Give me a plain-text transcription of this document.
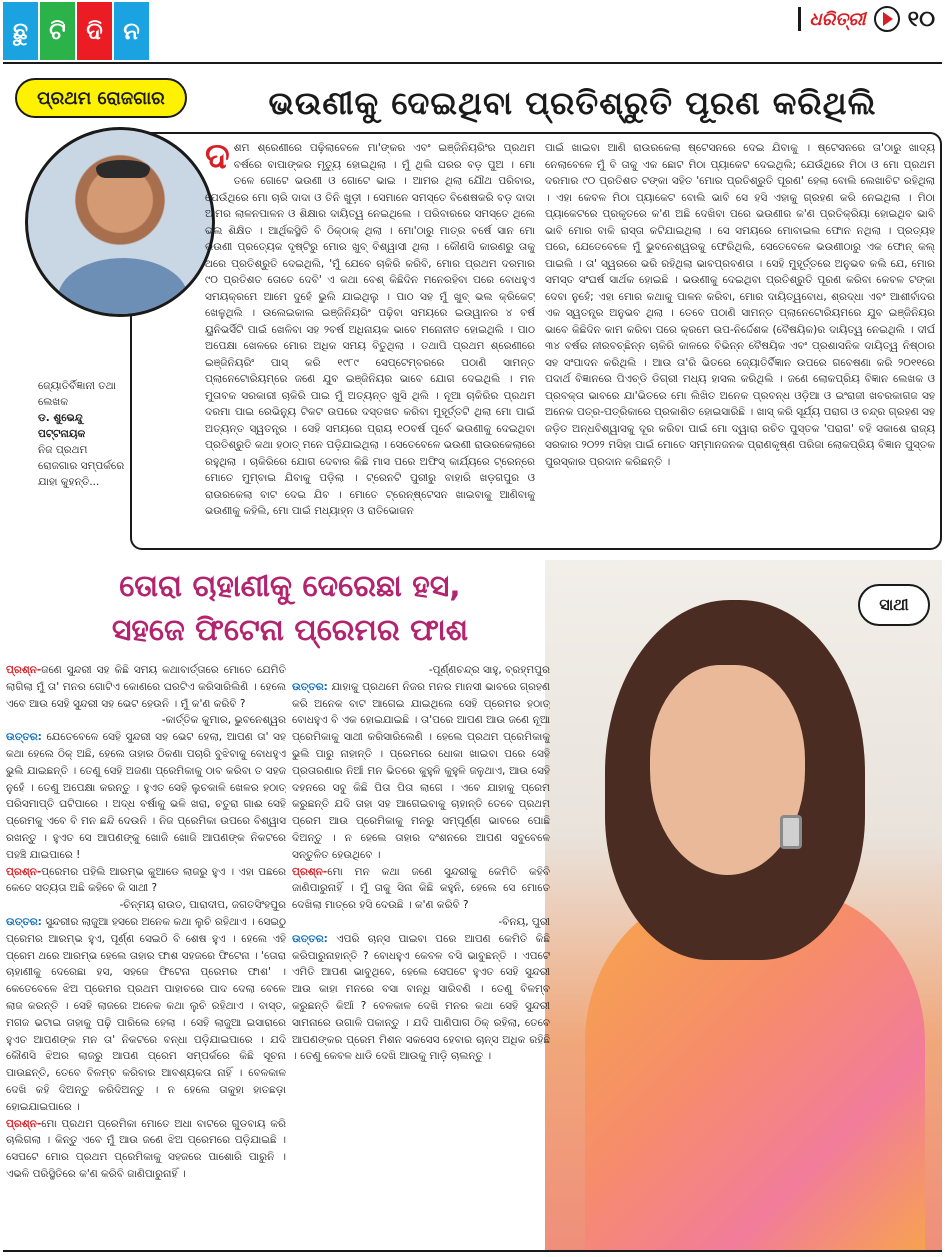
ଛୁ ଟି ଦି ନ	ଧରିତ୍ରୀ ୧୦
ପ୍ରଥମ ରୋଜଗାର	ଭଉଣୀକୁ ଦେଇଥିବା ପ୍ରତିଶ୍ରୁତି ପୂରଣ କରିଥିଲି
ଜ୍ୟୋତିର୍ବିଜ୍ଞାନୀ ତଥା ଲେଖକ
ଡ. ଶୁଭେନ୍ଦୁ ପଟ୍ଟନାୟକ
ନିଜ ପ୍ରଥମ ରୋଜଗାର ସମ୍ପର୍କରେ ଯାହା କୁହନ୍ତି...
ଦ ଶମ ଶ୍ରେଣୀରେ ପଢ଼ିଲାବେଳେ ମା'ଙ୍କର ଏବଂ ଇଞ୍ଜିନିୟରିଂର ପ୍ରଥମ ବର୍ଷରେ ବାପାଙ୍କର ମୃତ୍ୟୁ ହୋଇଥିଲା । ମୁଁ ଥିଲି ଘରର ବଡ଼ ପୁଅ । ମୋ ତଳେ ଗୋଟେ ଭଉଣୀ ଓ ଗୋଟେ ଭାଇ । ଆମର ଥିଲା ଯୌଥ ପରିବାର, ଯେଉଁଥିରେ ମୋ ଚାରି ଦାଦା ଓ ତିନି ଖୁଡ଼ୀ । ସେମାନେ ସମସ୍ତେ ବିଶେଷକରି ବଡ଼ ଦାଦା ଆମର ଲାଳନପାଳନ ଓ ଶିକ୍ଷାର ଦାୟିତ୍ୱ ନେଇଥିଲେ । ପରିବାରରେ ସମସ୍ତେ ଥିଲେ ଭଲ ଶିକ୍ଷିତ । ଆର୍ଥିକସ୍ଥିତି ବି ଠିକ୍‌ଠାକ୍ ଥିଲା । ମୋ'ଠାରୁ ମାତ୍ର ବର୍ଷେ ସାନ ମୋ ଭଉଣୀ ପ୍ରତ୍ୟେକ ଦୃଷ୍ଟିରୁ ମୋର ଖୁବ୍ ବିଶ୍ୱାସୀ ଥିଲା । କୌଣସି କାରଣରୁ ତାକୁ ଥରେ ପ୍ରତିଶ୍ରୁତି ଦେଇଥିଲି, 'ମୁଁ ଯେବେ ଚାକିରି କରିବି, ମୋର ପ୍ରଥମ ଦରମାର ୯୦ ପ୍ରତିଶତ ତୋତେ ଦେବି' ଏ କଥା ବେଶ୍ କିଛିଦିନ ମନେରହିବା ପରେ ବୋଧହୁଏ ସମୟକ୍ରମେ ଆମେ ଦୁହେଁ ଭୁଲି ଯାଇଥିଲୁ । ପାଠ ସହ ମୁଁ ଖୁବ୍ ଭଲ କ୍ରିକେଟ୍ ଖେଳୁଥିଲି । ଉଲେଇକାଲ ଇଞ୍ଜିନିୟରିଂ ପଢ଼ିବା ସମୟରେ ଇଉୱାନର ୪ ବର୍ଷ ୟୁନିଭର୍ସିଟି ପାଇଁ ଖେଳିବା ସହ ୨ବର୍ଷ ଅଧିନାୟକ ଭାବେ ମନୋନୀତ ହୋଇଥିଲି । ପାଠ ଅପେକ୍ଷା ଖେଳରେ ମୋର ଅଧିକ ସମୟ ବିତୁଥିଲା । ତଥାପି ପ୍ରଥମ ଶ୍ରେଣୀରେ ଇଞ୍ଜିନିୟରିଂ ପାସ୍ କରି ୧୯୮୯ ସେପ୍ଟେମ୍ବରରେ ପଠାଣି ସାମନ୍ତ ପ୍ଲାନେଟୋରିୟମ୍‌ରେ ଜଣେ ଯୁବ ଇଞ୍ଜିନିୟର ଭାବେ ଯୋଗ ଦେଇଥିଲି । ମନ ମୁତାବକ ସରକାରୀ ଚାକିରି ପାଇ ମୁଁ ଅତ୍ୟନ୍ତ ଖୁସି ଥିଲି । ନୂଆ ଚାକିରିର ପ୍ରଥମ ଦରମା ପାଇ ରେଭିନ୍ୟୁ ଟିକଟ ଉପରେ ଦସ୍ତଖତ କରିବା ମୁହୂର୍ତ୍ତଟି ଥିଲା ମୋ ପାଇଁ ଅତ୍ୟନ୍ତ ସ୍ୱତନ୍ତ୍ର । ସେହି ସମୟରେ ପ୍ରାୟ ୧୦ବର୍ଷ ପୂର୍ବେ ଭଉଣୀକୁ ଦେଇଥିବା ପ୍ରତିଶ୍ରୁତି କଥା ହଠାତ୍ ମନେ ପଡ଼ିଯାଇଥିଲା । ସେତେବେଳେ ଭଉଣୀ ରାଉରକେଲାରେ ରହୁଥିଲା । ଚାକିରିରେ ଯୋଗ ଦେବାର କିଛି ମାସ ପରେ ଅଫିସ୍ କାର୍ଯ୍ୟରେ ଟ୍ରେନ୍‌ରେ ମୋତେ ମୁମ୍ବାଇ ଯିବାକୁ ପଡ଼ିଲା । ଟ୍ରେନଟି ପୁରୀରୁ ବାହାରି ଖଡ଼ଗପୁର ଓ ରାଉରକେଲା ବାଟ ଦେଇ ଯିବ । ମୋତେ ଟ୍ରେନ୍‌ଷ୍ଟେସନ ଖାଇବାକୁ ଆଣିବାକୁ ଭଉଣୀକୁ କହିଲି, ମୋ ପାଇଁ ମଧ୍ୟାହ୍ନ ଓ ରାତିଭୋଜନ
ପାଇଁ ଖାଇବା ଆଣି ରାଉରକେଲା ଷ୍ଟେସନରେ ଦେଇ ଯିବାକୁ । ଷ୍ଟେସନରେ ତା'ଠାରୁ ଖାଦ୍ୟ ନେଲାବେଳେ ମୁଁ ବି ତାକୁ ଏକ ଛୋଟ ମିଠା ପ୍ୟାକେଟ ଦେଇଥିଲି; ଯେଉଁଥିରେ ମିଠା ଓ ମୋ ପ୍ରଥମ ଦରମାର ୯୦ ପ୍ରତିଶତ ଟଙ୍କା ସହିତ 'ମୋର ପ୍ରତିଶ୍ରୁତି ପୂରଣ' ହେଲା ବୋଲି ଲେଖାଚିଟ ରହିଥିଲା । ଏହା କେବଳ ମିଠା ପ୍ୟାକେଟ ବୋଲି ଭାବି ସେ ହସି ଏହାକୁ ଗ୍ରହଣ କରି ନେଇଥିଲା । ମିଠା ପ୍ୟାକେଟରେ ପ୍ରକୃତରେ କ'ଣ ଅଛି ଦେଖିବା ପରେ ଭଉଣୀର କ'ଣ ପ୍ରତିକ୍ରିୟା ହୋଇଥିବ ଭାବି ଭାବି ମୋର ବାକି ରାସ୍ତା କଟିଯାଇଥିଲା । ସେ ସମୟରେ ମୋବାଇଲ ଫୋନ ନଥିଲା । ପ୍ରତ୍ୟହ ପରେ, ଯେତେବେଳେ ମୁଁ ଭୁବନେଶ୍ୱରକୁ ଫେରିଥିଲି, ସେତେବେଳେ ଭଉଣୀଠାରୁ ଏକ ଫୋନ୍ କଲ୍ ପାଇଲି । ତା' ସ୍ୱରରେ ଭରି ରହିଥିଲା ଭାବପ୍ରବଣତା । ସେହି ମୁହୂର୍ତ୍ତରେ ଅନୁଭବ କଲି ଯେ, ମୋର ସମସ୍ତ ସଂଘର୍ଷ ସାର୍ଥକ ହୋଇଛି । ଭଉଣୀକୁ ଦେଇଥିବା ପ୍ରତିଶ୍ରୁତି ପୂରଣ କରିବା କେବଳ ଟଙ୍କା ଦେବା ନୁହେଁ; ଏହା ମୋର କଥାକୁ ପାଳନ କରିବା, ମୋର ଦାୟିତ୍ୱବୋଧ, ଶ୍ରଦ୍ଧା ଏବଂ ଆଶୀର୍ବାଦର ଏକ ସ୍ୱତନ୍ତ୍ର ଅନୁଭବ ଥିଲା । ତେବେ ପଠାଣି ସାମନ୍ତ ପ୍ଲାନେଟୋରିୟମରେ ଯୁବ ଇଞ୍ଜିନିୟର ଭାବେ କିଛିଦିନ କାମ କରିବା ପରେ କ୍ରମେ ଉପ-ନିର୍ଦ୍ଦେଶକ (ବୈଷୟିକ)ର ଦାୟିତ୍ୱ ନେଇଥିଲି । ଦୀର୍ଘ ୩୪ ବର୍ଷର ନୀରବଚ୍ଛିନ୍ନ ଚାକିରି କାଳରେ ବିଭିନ୍ନ ବୈଷୟିକ ଏବଂ ପ୍ରଶାସନିକ ଦାୟିତ୍ୱ ନିଷ୍ଠାର ସହ ସଂପାଦନ କରିଥିଲି । ଆଉ ତା'ରି ଭିତରେ ଜ୍ୟୋତିର୍ବିଜ୍ଞାନ ଉପରେ ଗବେଷଣା କରି ୨୦୧୧ରେ ପଦାର୍ଥ ବିଜ୍ଞାନରେ ପିଏଚ୍‌ଡି ଡିଗ୍ରୀ ମଧ୍ୟ ହାସଲ କରିଥିଲି । ଜଣେ ଲୋକପ୍ରିୟ ବିଜ୍ଞାନ ଲେଖକ ଓ ପ୍ରବକ୍ତା ଭାବରେ ଯା'ଭିତରେ ମୋ ଲିଖିତ ଅନେକ ପ୍ରବନ୍ଧ ଓଡ଼ିଆ ଓ ଇଂରାଜୀ ଖବରକାଗଜ ସହ ଅନେକ ପତ୍ର-ପତ୍ରିକାରେ ପ୍ରକାଶିତ ହୋଇସାରିଛି । ଖାସ୍ କରି ସୂର୍ଯ୍ୟ ପରାଗ ଓ ଚନ୍ଦ୍ର ଗ୍ରହଣ ସହ ଜଡ଼ିତ ଅନ୍ଧବିଶ୍ୱାସକୁ ଦୂର କରିବା ପାଇଁ ମୋ ଦ୍ୱାରା ରଚିତ ପୁସ୍ତକ 'ପରାଗ' ବହି ସକାଶେ ରାଜ୍ୟ ସରକାର ୨୦୨୨ ମସିହା ପାଇଁ ମୋତେ ସମ୍ମାନଜନକ ପ୍ରାଣକୃଷ୍ଣ ପରିଜା ଲୋକପ୍ରିୟ ବିଜ୍ଞାନ ପୁସ୍ତକ ପୁରସ୍କାର ପ୍ରଦାନ କରିଛନ୍ତି ।
ତୋରା ଚାହାଣୀକୁ ଦେରେଛା ହସ,
ସହଜେ ଫିଟେନା ପ୍ରେମର ଫାଶ
ସାଥୀ

ପ୍ରଶ୍ନ-ଜଣେ ସୁନ୍ଦରୀ ସହ କିଛି ସମୟ କଥାବାର୍ତ୍ତାରେ ମୋତେ ଯେମିତି ଲାଗିଲା ମୁଁ ତା' ମନର ଗୋଟିଏ କୋଣରେ ଘରଟିଏ କରିସାରିଲିଣି । ହେଲେ ଏବେ ଆଉ ସେହି ସୁନ୍ଦରୀ ସହ ଭେଟ ହେଉନି । ମୁଁ କ'ଣ କରିବି ?

-କାର୍ତ୍ତିକ କୁମାର, ଭୁବନେଶ୍ୱର

ଉତ୍ତର: ଯେତେବେଳେ ସେହି ସୁନ୍ଦରୀ ସହ ଭେଟ ହେଲା, ଆପଣ ତା' ସହ କଥା ହେଲେ ଠିକ୍ ଅଛି, ହେଲେ ତାହାର ଠିକଣା ପଚାରି ବୁଝିବାକୁ ବୋଧହୁଏ ଭୁଲି ଯାଇଛନ୍ତି । ତେଣୁ ସେହି ଅଜଣା ପ୍ରେମିକାକୁ ଠାବ କରିବା ତ ସହଜ ନୁହେଁ । ତେଣୁ ଅପେକ୍ଷା କରନ୍ତୁ । ହୁଏତ ସେହି ଲୁଚକାଳି ଖେଳର ହଠାତ୍ ପରିସମାପ୍ତି ଘଟିପାରେ । ଅଦ୍ଧ ବର୍ଷାକୁ ଭଳି ଖରା, ଚତୁରା ଗାଈ ସେହି ପ୍ରେମକୁ ଏବେ ବି ମନ ଛନ୍ଦି ଦେଉନି । ନିଜ ପ୍ରେମିକା ଉପରେ ବିଶ୍ୱାସ ରଖନ୍ତୁ । ହୁଏତ ସେ ଆପଣଙ୍କୁ ଖୋଜି ଖୋଜି ଆପଣଙ୍କ ନିକଟରେ ପହଞ୍ଚି ଯାଇପାରେ !

ପ୍ରଶ୍ନ-ପ୍ରେମର ପହିଲି ଆରମ୍ଭ କୁଆଡେ ଲାଜରୁ ହୁଏ । ଏହା ପଛରେ କେତେ ସତ୍ୟତା ଅଛି କହିବେ କି ସାଥୀ ?

-ଚିନ୍ମୟ ରାଉତ, ପାରାଦୀପ, ଜଗତସିଂହପୁର

ଉତ୍ତର: ସୁନ୍ଦରୀର ଲାଜୁଆ ହସରେ ଅନେକ କଥା ଲୁଚି ରହିଥାଏ । ସେଇଠୁ ପ୍ରେମର ଆରମ୍ଭ ହୁଏ, ପୂର୍ଣ୍ଣ ସେଇଠି ବି ଶେଷ ହୁଏ । ହେଲେ ଏହି ପ୍ରେମ ଥରେ ଆରମ୍ଭ ହେଲେ ତାହାର ଫାଶ ସହଜରେ ଫିଟେନା । 'ତୋରା ଚାହାଣୀକୁ ଦେରେଛା ହସ, ସହଜେ ଫିଟେନା ପ୍ରେମର ଫାଶ' । କେତେବେଳେ ଝିଅ ପ୍ରେମର ପ୍ରଥମ ପାହାଚରେ ପାଦ ଦେଲା ବେଳେ ଲାଜ କରନ୍ତି । ସେହି ଲାଜରେ ଅନେକ କଥା ଲୁଚି ରହିଥାଏ । ବାସ୍ତ, ମଗଜ ଭଟାଇ ତାହାକୁ ପଢ଼ି ପାରିଲେ ହେଲା । ସେହି ଲାଜୁଆ ଇସାରାରେ ହୁଏତ ଆପଣଙ୍କ ମନ ତା' ନିକଟରେ ବନ୍ଧା ପଡ଼ିଯାଇପାରେ । ଯଦି କୌଣସି ଝିଅର ଲାଜରୁ ଆପଣ ପ୍ରେମ ସମ୍ପର୍କରେ କିଛି ସୂଚନା ପାଉଛନ୍ତି, ତେବେ ବିଳମ୍ବ କରିବାର ଆବଶ୍ୟକତା ନାହିଁ । ବେଳକାଳ ଦେଖି କହି ଦିଅନ୍ତୁ କରିଦିଅନ୍ତୁ । ନ ହେଲେ ତାକୁହା ହାତଛଡ଼ା ହୋଇଯାଇପାରେ ।

ପ୍ରଶ୍ନ-ମୋ ପ୍ରଥମ ପ୍ରେମିକା ମୋତେ ଅଧା ବାଟରେ ଗୁଡବାୟ କରି ଚାଲିଗଲା । କିନ୍ତୁ ଏବେ ମୁଁ ଆଉ ଜଣେ ଝିଅ ପ୍ରେମରେ ପଡ଼ିଯାଇଛି । ସେପଟେ ମୋର ପ୍ରଥମ ପ୍ରେମିକାକୁ ସହଜରେ ପାଶୋରି ପାରୁନି । ଏଭଳି ପରିସ୍ଥିତିରେ କ'ଣ କରିବି ଜାଣିପାରୁନାହିଁ ।

-ପୂର୍ଣ୍ଣଚନ୍ଦ୍ର ସାହୁ, ବ୍ରହ୍ମପୁର

ଉତ୍ତର: ଯାହାକୁ ପ୍ରଥମେ ନିଜର ମନର ମାନସୀ ଭାବରେ ଗ୍ରହଣ କରି ଅନେକ ବାଟ ଆଗେଇ ଯାଇଥିଲେ ସେହି ପ୍ରେମର ହଠାତ୍ ବୋଧହୁଏ ବି ଏକ ହୋଇଯାଇଛି । ତା'ପରେ ଆପଣ ଆଉ ଜଣେ ନୂଆ ପ୍ରେମିକାକୁ ସାଥୀ କରିସାରିଲେଣି । ହେଲେ ପ୍ରଥମ ପ୍ରେମିକାକୁ ଭୁଲି ପାରୁ ନାହାନ୍ତି । ପ୍ରେମରେ ଧୋକା ଖାଇବା ପରେ ସେହି ପ୍ରତାରଣାର ନିଆଁ ମନ ଭିତରେ କୁହୁଳି କୁହୁଳି ଜଳୁଥାଏ, ଆଉ ସେହି ଦହନରେ ସବୁ କିଛି ପିତା ପିତା ଲାଗେ । ଏବେ ଯାହାକୁ ପ୍ରେମ କରୁଛନ୍ତି ଯଦି ତାହା ସହ ଆଗେଇବାକୁ ଚାହାନ୍ତି ତେବେ ପ୍ରଥମ ପ୍ରେମ ଆଉ ପ୍ରେମିକାକୁ ମନରୁ ସମ୍ପୂର୍ଣ୍ଣ ଭାବରେ ପୋଛି ଦିଅନ୍ତୁ । ନ ହେଲେ ତାହାର ଦଂଶନରେ ଆପଣ ସବୁବେଳେ ସନ୍ତୁଳିତ ହେଉଥିବେ ।

ପ୍ରଶ୍ନ-ମୋ ମନ କଥା ଜଣେ ସୁନ୍ଦରୀକୁ କେମିତି କହିବି ଜାଣିପାରୁନାହିଁ । ମୁଁ ତାକୁ ସିନା କିଛି କହୁନି, ହେଲେ ସେ ମୋତେ ଦେଖିଲା ମାତ୍ରେ ହସି ଦେଉଛି । କ'ଣ କରିବି ?

-ବିନୟ, ପୁରୀ

ଉତ୍ତର: ଏପରି ଚାନ୍ସ ପାଇବା ପରେ ଆପଣ କେମିତି କିଛି କରିପାରୁନାହାନ୍ତି ? ବୋଧହୁଏ କେବଳ ବସି ଭାବୁଛନ୍ତି । ଏପଟେ ଏମିତି ଆପଣ ଭାବୁଥିବେ, ହେଲେ ସେପଟେ ହୁଏତ ସେହି ସୁନ୍ଦରୀ ଆଉ କାହା ମନରେ ବସା ବାନ୍ଧି ସାରିବଣି । ତେଣୁ ବିଳମ୍ବ କରୁଛନ୍ତି କିଆଁ ? ବେଳକାଳ ଦେଖି ମନର କଥା ସେହି ସୁନ୍ଦରୀ ସାମନାରେ ଉଗାଳି ପକାନ୍ତୁ । ଯଦି ପାଣିପାଗ ଠିକ୍ ରହିଲା, ତେବେ ଆପଣଙ୍କର ପ୍ରେମ ମିଶନ ସକସେସ ହେବାର ଚାନ୍ସ ଅଧିକ ରହିଛି । ତେଣୁ କେବଳ ଧାଡି ଦେଖି ଆଉକୁ ମାଡ଼ି ଚାଲନ୍ତୁ ।
